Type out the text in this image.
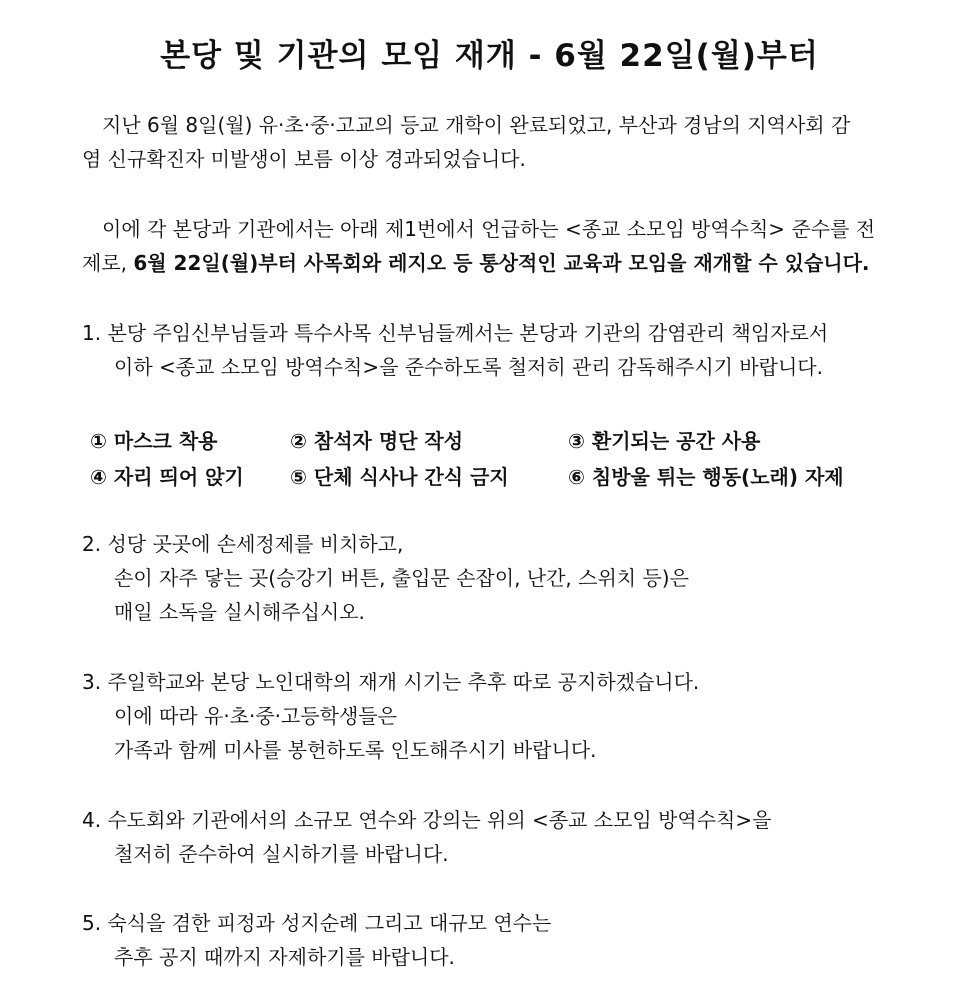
본당 및 기관의 모임 재개 - 6월 22일(월)부터
지난 6월 8일(월) 유·초·중·고교의 등교 개학이 완료되었고, 부산과 경남의 지역사회 감
염 신규확진자 미발생이 보름 이상 경과되었습니다.
이에 각 본당과 기관에서는 아래 제1번에서 언급하는 <종교 소모임 방역수칙> 준수를 전
제로, 6월 22일(월)부터 사목회와 레지오 등 통상적인 교육과 모임을 재개할 수 있습니다.
1. 본당 주임신부님들과 특수사목 신부님들께서는 본당과 기관의 감염관리 책임자로서
이하 <종교 소모임 방역수칙>을 준수하도록 철저히 관리 감독해주시기 바랍니다.
① 마스크 착용	② 참석자 명단 작성	③ 환기되는 공간 사용
④ 자리 띄어 앉기	⑤ 단체 식사나 간식 금지	⑥ 침방울 튀는 행동(노래) 자제
2. 성당 곳곳에 손세정제를 비치하고,
손이 자주 닿는 곳(승강기 버튼, 출입문 손잡이, 난간, 스위치 등)은
매일 소독을 실시해주십시오.
3. 주일학교와 본당 노인대학의 재개 시기는 추후 따로 공지하겠습니다.
이에 따라 유·초·중·고등학생들은
가족과 함께 미사를 봉헌하도록 인도해주시기 바랍니다.
4. 수도회와 기관에서의 소규모 연수와 강의는 위의 <종교 소모임 방역수칙>을
철저히 준수하여 실시하기를 바랍니다.
5. 숙식을 겸한 피정과 성지순례 그리고 대규모 연수는
추후 공지 때까지 자제하기를 바랍니다.
